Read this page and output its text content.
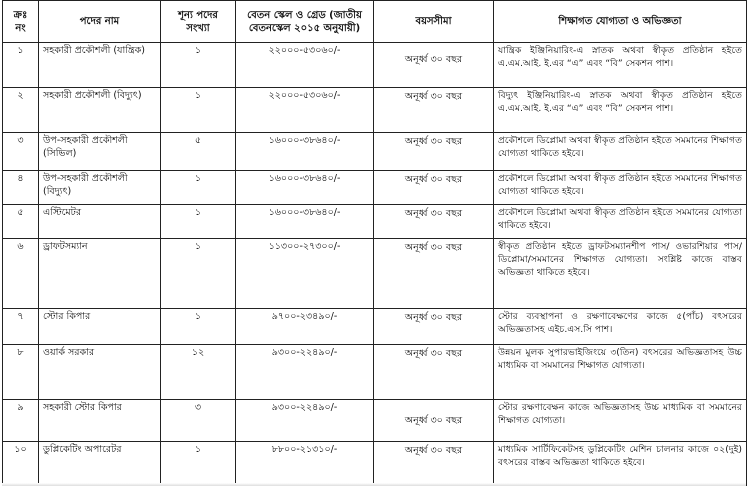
ক্রঃ নং	পদের নাম	শূন্য পদের সংখ্যা	বেতন স্কেল ও গ্রেড (জাতীয় বেতনস্কেল ২০১৫ অনুযায়ী)	বয়সসীমা	শিক্ষাগত যোগ্যতা ও অভিজ্ঞতা
১	সহকারী প্রকৌশলী (যান্ত্রিক)	১	২২০০০-৫৩০৬০/-	অনূর্ধ্ব ৩০ বছর	যান্ত্রিক ইঞ্জিনিয়ারিং-এ স্নাতক অথবা স্বীকৃত প্রতিষ্ঠান হইতে এ.এম.আই. ই.এর “এ” এবং “বি” সেকশন পাশ।
২	সহকারী প্রকৌশলী (বিদ্যুৎ)	১	২২০০০-৫৩০৬০/-	অনূর্ধ্ব ৩০ বছর	বিদ্যুৎ ইঞ্জিনিয়ারিং-এ স্নাতক অথবা স্বীকৃত প্রতিষ্ঠান হইতে এ.এম.আই. ই.এর “এ” এবং “বি” সেকশন পাশ।
৩	উপ-সহকারী প্রকৌশলী (সিভিল)	৫	১৬০০০-৩৮৬৪০/-	অনূর্ধ্ব ৩০ বছর	প্রকৌশলে ডিপ্লোমা অথবা স্বীকৃত প্রতিষ্ঠান হইতে সমমানের শিক্ষাগত যোগ্যতা থাকিতে হইবে।
৪	উপ-সহকারী প্রকৌশলী (বিদ্যুৎ)	১	১৬০০০-৩৮৬৪০/-	অনূর্ধ্ব ৩০ বছর	প্রকৌশলে ডিপ্লোমা অথবা স্বীকৃত প্রতিষ্ঠান হইতে সমমানের শিক্ষাগত যোগ্যতা থাকিতে হইবে।
৫	এস্টিমেটর	১	১৬০০০-৩৮৬৪০/-	অনূর্ধ্ব ৩০ বছর	প্রকৌশলে ডিপ্লোমা অথবা স্বীকৃত প্রতিষ্ঠান হইতে সমমানের যোগ্যতা থাকিতে হইবে।
৬	ড্রাফটসম্যান	১	১১৩০০-২৭৩০০/-	অনূর্ধ্ব ৩০ বছর	স্বীকৃত প্রতিষ্ঠান হইতে ড্রাফটসম্যানশীপ পাস/ ওভারশিয়ার পাস/ডিপ্লোমা/সমমানের শিক্ষাগত যোগ্যতা। সংশ্লিষ্ট কাজে বাস্তব অভিজ্ঞতা থাকিতে হইবে।
৭	স্টোর কিপার	১	৯৭০০-২৩৪৯০/-	অনূর্ধ্ব ৩০ বছর	স্টোর ব্যবস্থাপনা ও রক্ষণাবেক্ষণের কাজে ৫(পাঁচ) বৎসরের অভিজ্ঞতাসহ এইচ.এস.সি পাশ।
৮	ওয়ার্ক সরকার	১২	৯৩০০-২২৪৯০/-	অনূর্ধ্ব ৩০ বছর	উন্নয়ন মুলক সুপারভাইজিংয়ে ৩(তিন) বৎসরের অভিজ্ঞতাসহ উচ্চ মাধ্যমিক বা সমমানের শিক্ষাগত যোগ্যতা।
৯	সহকারী স্টোর কিপার	৩	৯৩০০-২২৪৯০/-	অনূর্ধ্ব ৩০ বছর	স্টোর রক্ষণাবেক্ষন কাজে অভিজ্ঞতাসহ উচ্চ মাধ্যমিক বা সমমানের শিক্ষাগত যোগ্যতা।
১০	ডুপ্লিকেটিং অপারেটর	১	৮৮০০-২১৩১০/-	অনূর্ধ্ব ৩০ বছর	মাধ্যমিক সার্টিফিকেটসহ ডুপ্লিকেটিং মেশিন চালনার কাজে ০২(দুই) বৎসরের বাস্তব অভিজ্ঞতা থাকিতে হইবে।
